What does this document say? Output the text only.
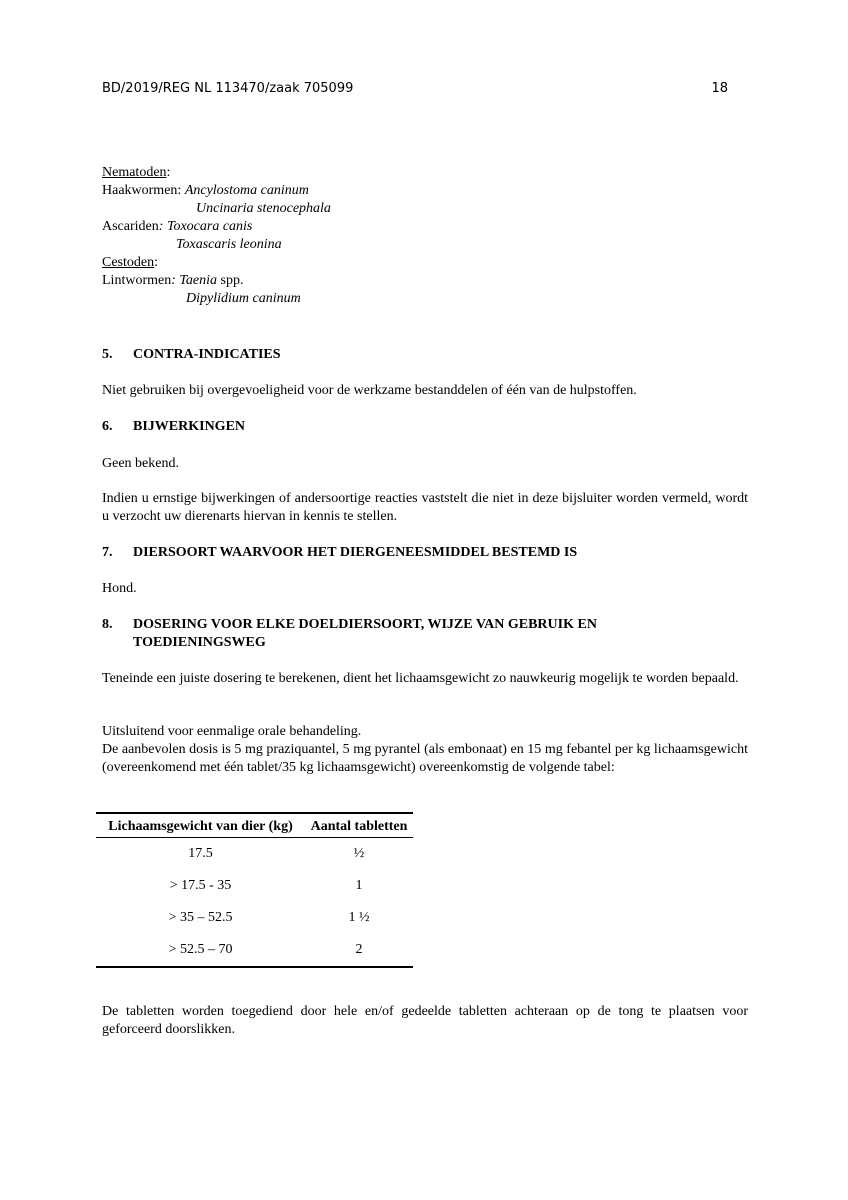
BD/2019/REG NL 113470/zaak 705099	18
Nematoden:
Haakwormen: Ancylostoma caninum
Uncinaria stenocephala
Ascariden: Toxocara canis
Toxascaris leonina
Cestoden:
Lintwormen: Taenia spp.
Dipylidium caninum
5. CONTRA-INDICATIES
Niet gebruiken bij overgevoeligheid voor de werkzame bestanddelen of één van de hulpstoffen.
6. BIJWERKINGEN
Geen bekend.
Indien u ernstige bijwerkingen of andersoortige reacties vaststelt die niet in deze bijsluiter worden vermeld, wordt u verzocht uw dierenarts hiervan in kennis te stellen.
7. DIERSOORT WAARVOOR HET DIERGENEESMIDDEL BESTEMD IS
Hond.
8. DOSERING VOOR ELKE DOELDIERSOORT, WIJZE VAN GEBRUIK EN
TOEDIENINGSWEG
Teneinde een juiste dosering te berekenen, dient het lichaamsgewicht zo nauwkeurig mogelijk te worden bepaald.
Uitsluitend voor eenmalige orale behandeling.
De aanbevolen dosis is 5 mg praziquantel, 5 mg pyrantel (als embonaat) en 15 mg febantel per kg lichaamsgewicht (overeenkomend met één tablet/35 kg lichaamsgewicht) overeenkomstig de volgende tabel:
Lichaamsgewicht van dier (kg)	Aantal tabletten
17.5	½
> 17.5 - 35	1
> 35 – 52.5	1 ½
> 52.5 – 70	2
De tabletten worden toegediend door hele en/of gedeelde tabletten achteraan op de tong te plaatsen voor geforceerd doorslikken.
